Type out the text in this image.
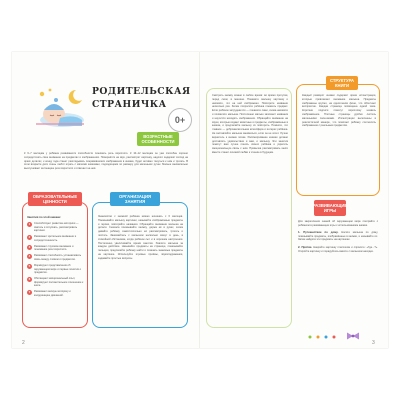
РОДИТЕЛЬСКАЯ
СТРАНИЧКА
0+
ВОЗРАСТНЫЕ ОСОБЕННОСТИ
К 6–7 месяцам у ребёнка развиваются способности понимать речь взрослого. К 10–12 месяцам он уже способен хорошо сосредоточить свое внимание на предметах и изображениях. Повернётся на звук, рассмотрит картинку, надолго задержит взгляд на ярких деталях, к концу года станет разглядывать понравившиеся изображения в книжке, будет активно тянуться к ним и трогать. В этом возрасте дети очень любят играть с мягкими книжками, подходящими по размеру для маленьких ручек. Малыш внимательно выслушивает интонацию речи взрослого и отвечает на неё.
ОБРАЗОВАТЕЛЬНЫЕ ЦЕННОСТИ
Занятия по этой книжке:
1	Способствуют развитию моторики — хватать и отпускать, рассматривать картинки.
2	Развивают зрительное внимание и сосредоточенность.
3	Развивают слуховое внимание и понимание речи взрослого.
4	Развивают способность устанавливать связь между словом и предметом.
5	Формируют представления об окружающем мире и первые понятия о предметах.
6	Обогащают эмоциональный опыт, формируют положительное отношение к книге.
7	Развивают мелкую моторику и координацию движений.
ОРГАНИЗАЦИЯ ЗАНЯТИЯ
Знакомство с книжкой ребёнка можно начинать с 6 месяцев. Показывайте малышу картинки, называйте изображённые предметы и героев, повторяйте названия. Обращайте внимание малыша на детали. Сначала показывайте книжку, держа её в руках, затем давайте ребёнку самостоятельно её рассматривать, трогать и листать. Занимайтесь с малышом несколько минут в день, в спокойной обстановке, когда ребёнок сыт и в хорошем настроении. Постепенно увеличивайте время занятия. Хвалите малыша за каждое действие. Называйте предметы на странице, показывайте пальцем, предлагайте ребёнку найти и показать знакомые предметы на картинке. Используйте игровые приёмы, звукоподражания, задавайте простые вопросы.
Смотреть книжку можно в любое время: во время прогулки, перед сном, в машине. Покажите малышу картинку и назовите, что на ней изображено. Повторите название несколько раз. Затем попросите ребёнка показать предмет. Если ребёнок затрудняется — покажите сами, снова назовите и похвалите малыша. Постепенно малыш запомнит названия и научится находить изображения. Обращайте внимание на звуки, которые издают животные и предметы, изображённые в книжке, и предлагайте малышу их повторить. Помните, что главное — доброжелательная атмосфера и интерес ребёнка. Не заставляйте малыша заниматься, если он не хочет. Лучше вернитесь к книжке позже. Рассматривание книжки должно доставлять удовольствие и вам, и малышу. Эти занятия помогут вам лучше понять своего ребёнка и укрепить эмоциональную связь с ним. Привычка рассматривать книги вместе станет основой любви к чтению в будущем.
СТРУКТУРА КНИГИ
Каждый разворот книжки содержит яркие иллюстрации, которые привлекают внимание малыша. Предметы изображены крупно, на однотонном фоне, что облегчает восприятие. Каждая страница посвящена одной теме. Короткие подписи помогут взрослому назвать изображённое. Плотные страницы удобно листать маленькими пальчиками. Иллюстрации выполнены в реалистичной манере, что помогает ребёнку соотносить изображение с реальным предметом.
РАЗВИВАЮЩИЕ ИГРЫ
Для закрепления знаний об окружающем мире поиграйте с ребёнком в развивающие игры с использованием книжки.
1. Путешествие по дому. Носите малыша по дому, показывайте предметы, изображённые в книжке, и называйте их. Затем найдите эти предметы на картинках.
2. Прятки. Накройте картинку платочком и спросите: «Где...?». Откройте картинку и порадуйтесь вместе с малышом находке.
2	3
